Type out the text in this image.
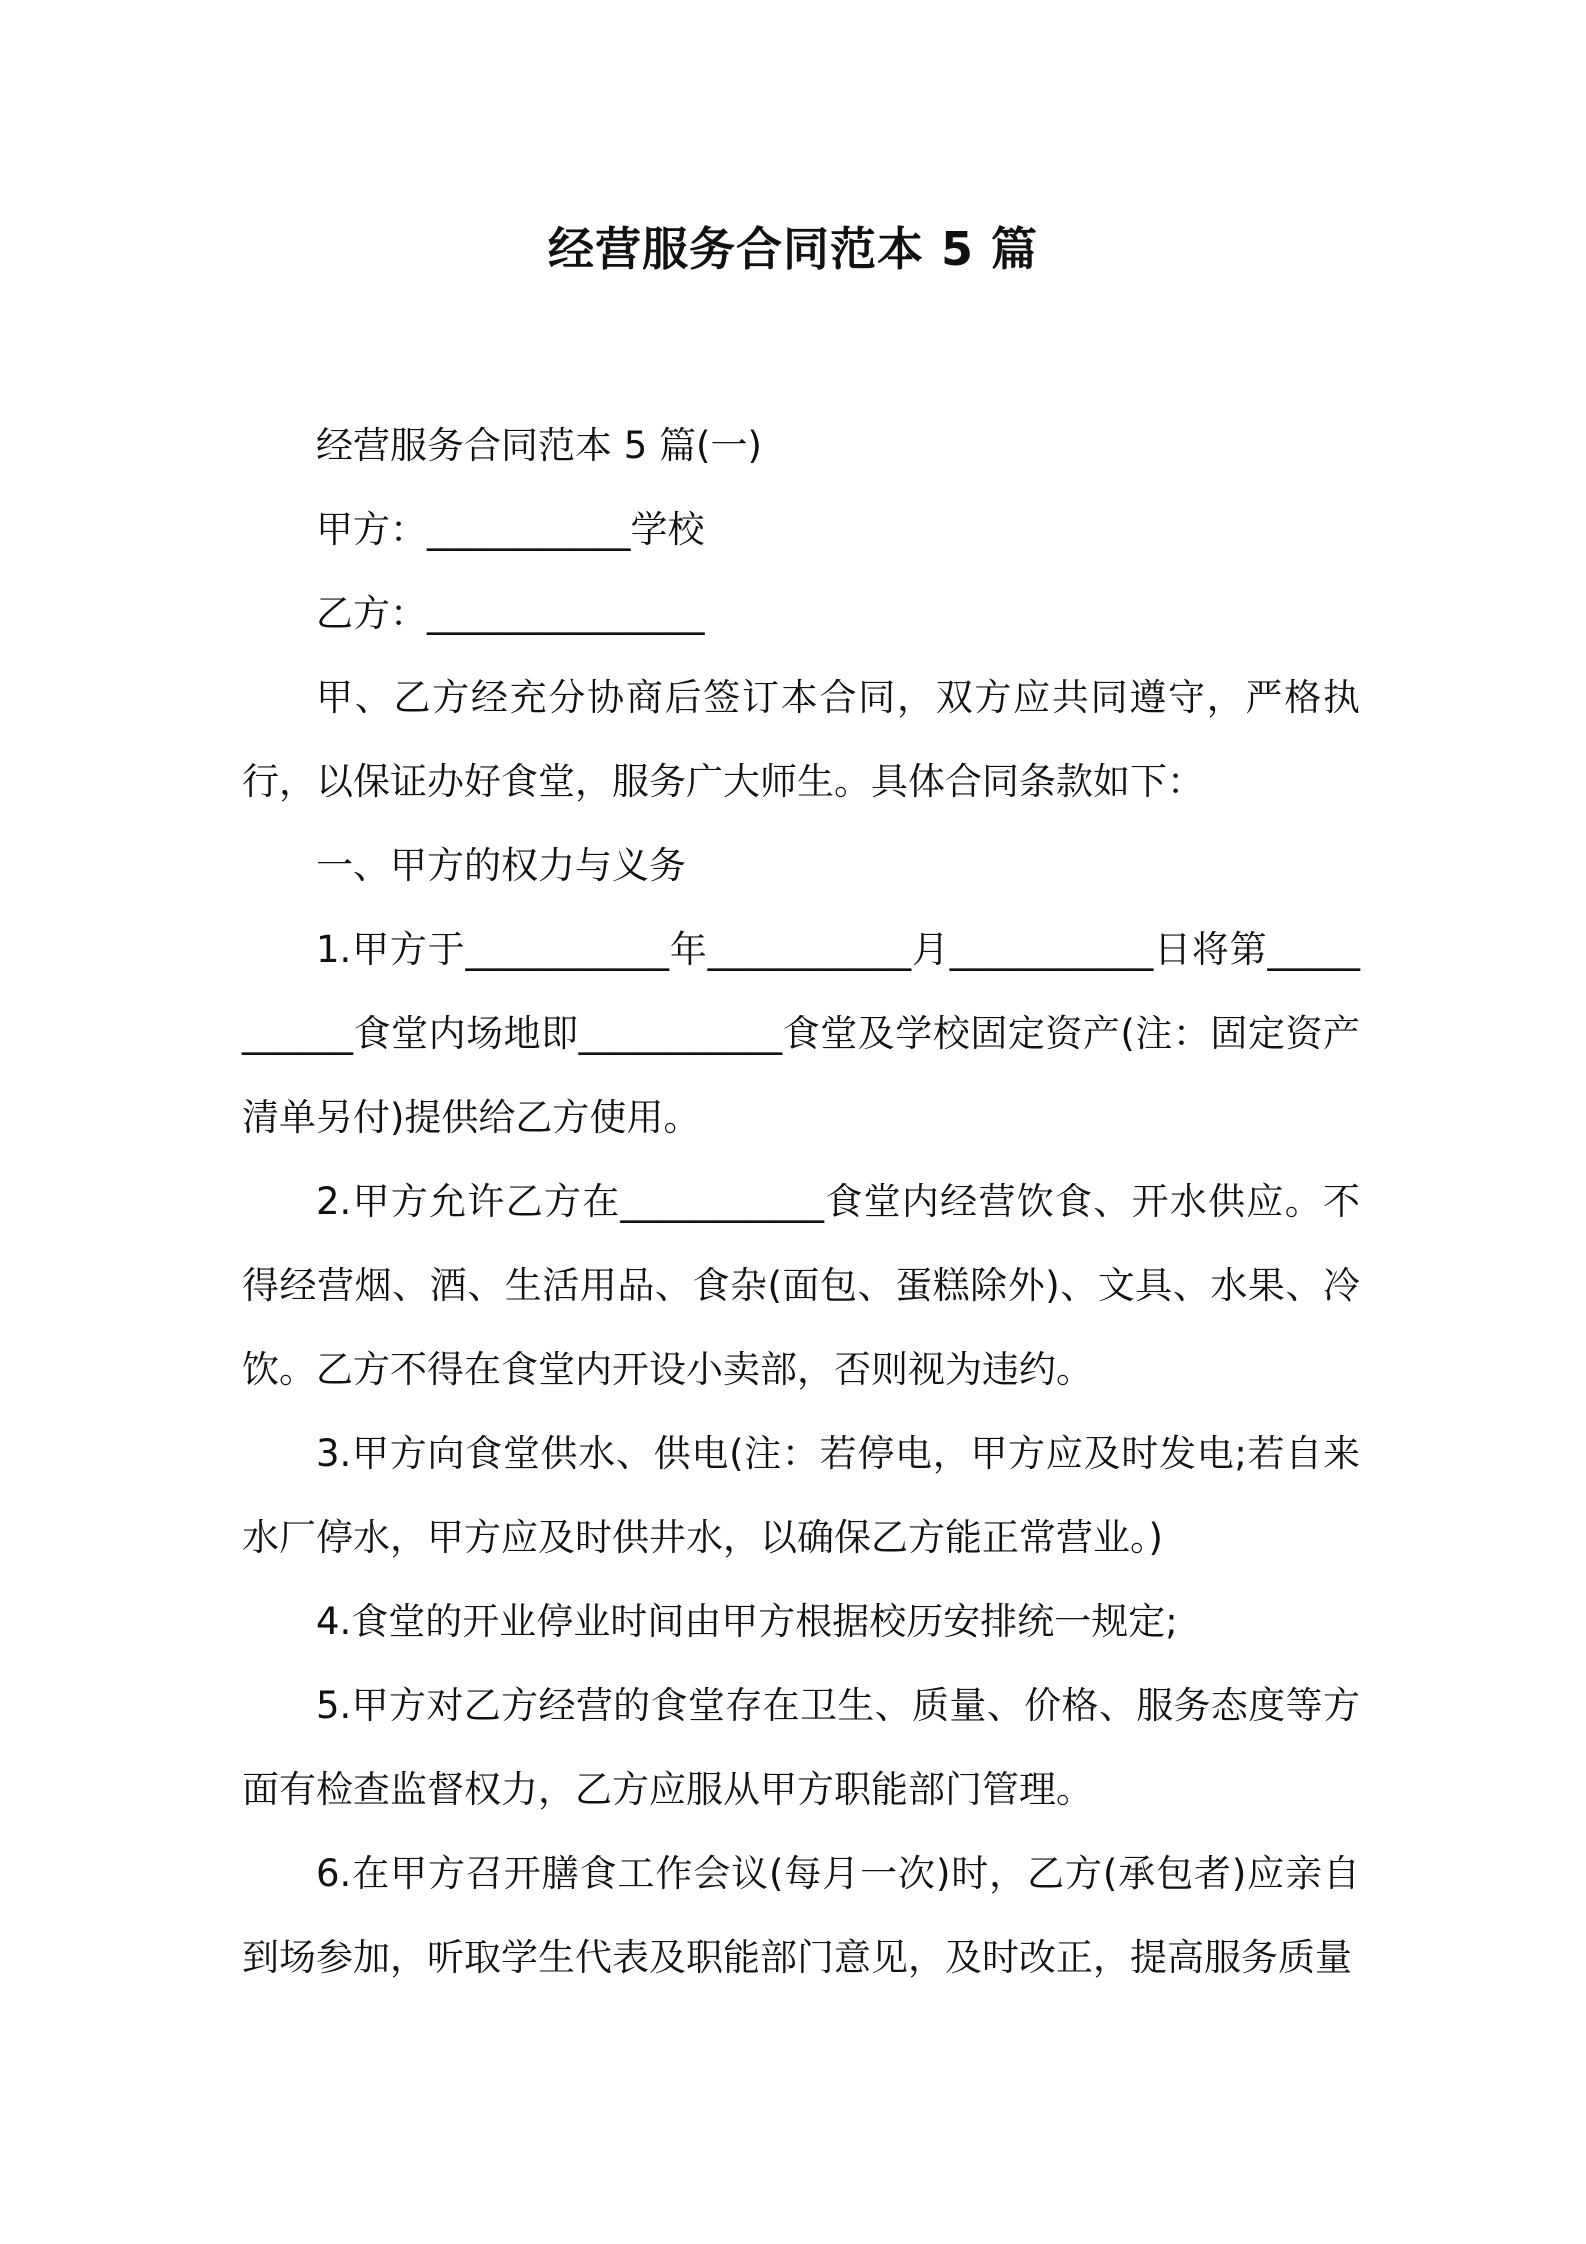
经营服务合同范本 5 篇

经营服务合同范本 5 篇(一)

甲方：___________学校

乙方：_______________

甲、乙方经充分协商后签订本合同，双方应共同遵守，严格执行，以保证办好食堂，服务广大师生。具体合同条款如下：

一、甲方的权力与义务

1.甲方于___________年___________月___________日将第___________食堂内场地即___________食堂及学校固定资产(注：固定资产清单另付)提供给乙方使用。

2.甲方允许乙方在___________食堂内经营饮食、开水供应。不得经营烟、酒、生活用品、食杂(面包、蛋糕除外)、文具、水果、冷饮。乙方不得在食堂内开设小卖部，否则视为违约。

3.甲方向食堂供水、供电(注：若停电，甲方应及时发电;若自来水厂停水，甲方应及时供井水，以确保乙方能正常营业。)

4.食堂的开业停业时间由甲方根据校历安排统一规定;

5.甲方对乙方经营的食堂存在卫生、质量、价格、服务态度等方面有检查监督权力，乙方应服从甲方职能部门管理。

6.在甲方召开膳食工作会议(每月一次)时，乙方(承包者)应亲自到场参加，听取学生代表及职能部门意见，及时改正，提高服务质量
